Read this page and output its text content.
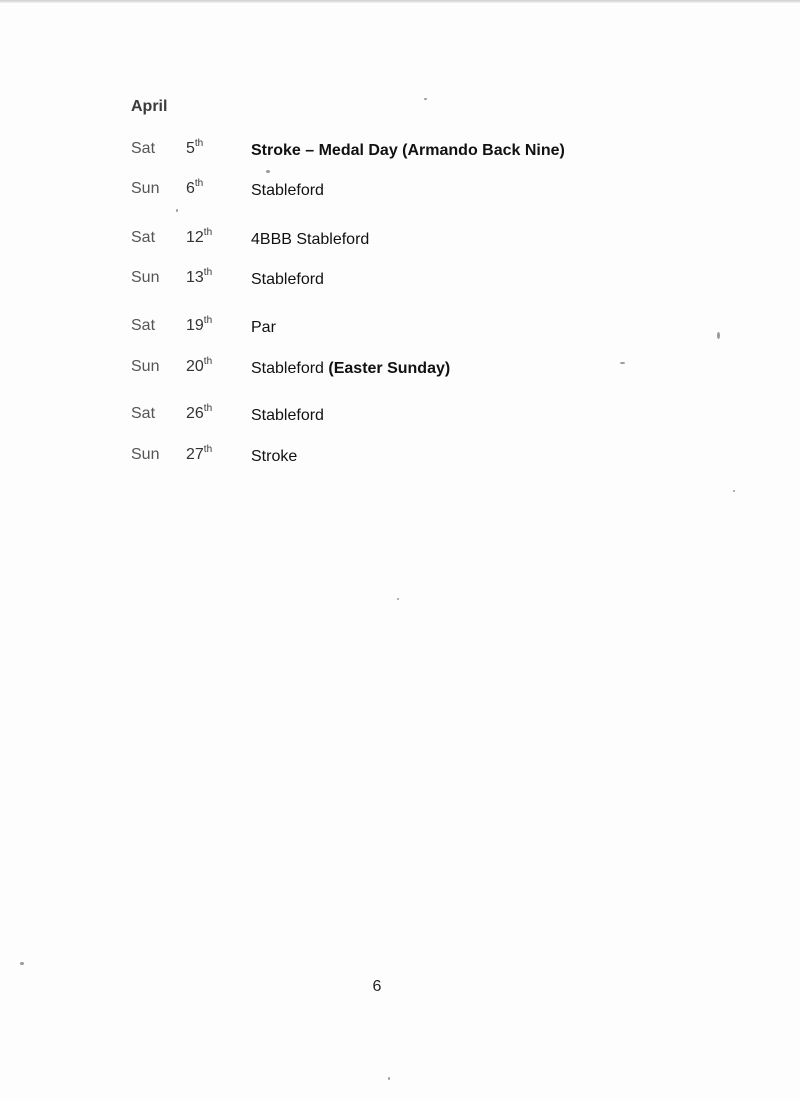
April
Sat 5th	Stroke – Medal Day (Armando Back Nine)
Sun 6th	Stableford
Sat 12th 4BBB Stableford
Sun 13th Stableford
Sat 19th Par
Sun 20th Stableford (Easter Sunday)
Sat 26th Stableford
Sun 27th Stroke
6
